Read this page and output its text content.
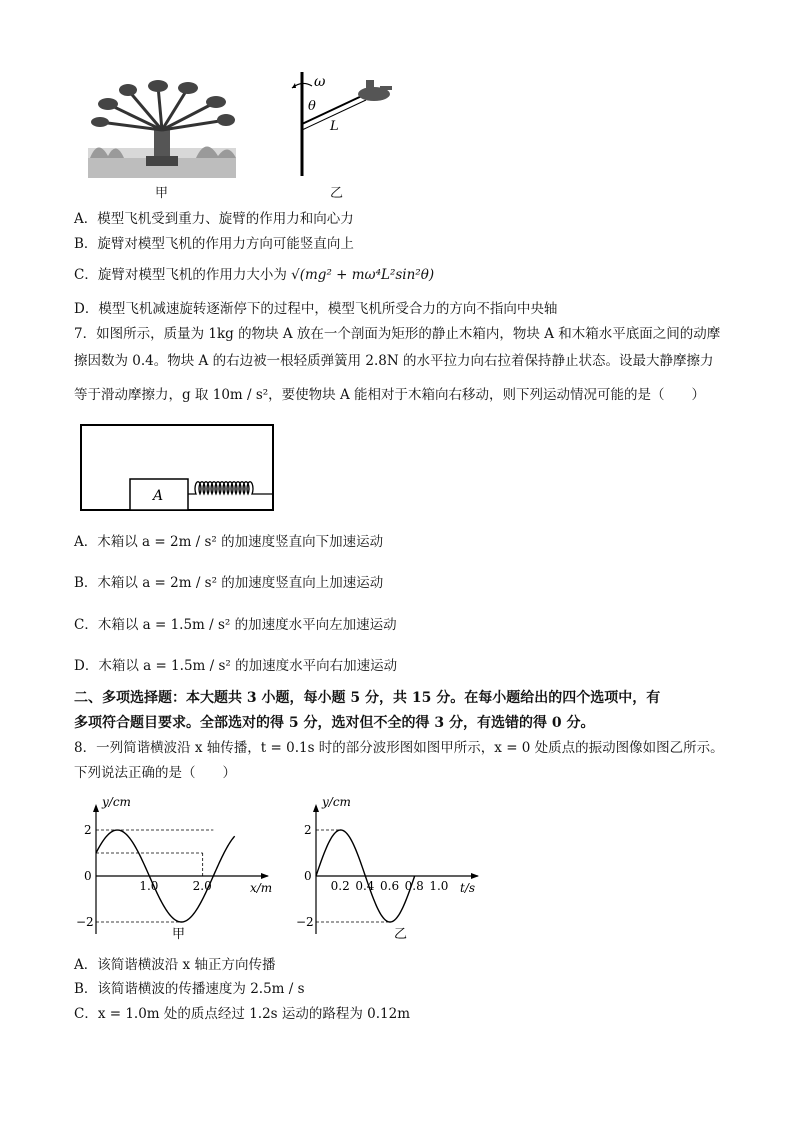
甲
ω
θ
L
乙
A．模型飞机受到重力、旋臂的作用力和向心力
B．旋臂对模型飞机的作用力方向可能竖直向上
C．旋臂对模型飞机的作用力大小为 √(mg² + mω⁴L²sin²θ)
D．模型飞机减速旋转逐渐停下的过程中，模型飞机所受合力的方向不指向中央轴
7．如图所示，质量为 1kg 的物块 A 放在一个剖面为矩形的静止木箱内，物块 A 和木箱水平底面之间的动摩
擦因数为 0.4。物块 A 的右边被一根轻质弹簧用 2.8N 的水平拉力向右拉着保持静止状态。设最大静摩擦力
等于滑动摩擦力，g 取 10m / s²，要使物块 A 能相对于木箱向右移动，则下列运动情况可能的是（　　）
A
A．木箱以 a = 2m / s² 的加速度竖直向下加速运动
B．木箱以 a = 2m / s² 的加速度竖直向上加速运动
C．木箱以 a = 1.5m / s² 的加速度水平向左加速运动
D．木箱以 a = 1.5m / s² 的加速度水平向右加速运动
二、多项选择题：本大题共 3 小题，每小题 5 分，共 15 分。在每小题给出的四个选项中，有
多项符合题目要求。全部选对的得 5 分，选对但不全的得 3 分，有选错的得 0 分。
8．一列简谐横波沿 x 轴传播，t = 0.1s 时的部分波形图如图甲所示，x = 0 处质点的振动图像如图乙所示。
下列说法正确的是（　　）
y/cm
x/m
2
0
−2
1.0	2.0
甲
y/cm
t/s
2
0
−2
0.2 0.4 0.6 0.8 1.0
乙
A．该简谐横波沿 x 轴正方向传播
B．该简谐横波的传播速度为 2.5m / s
C．x = 1.0m 处的质点经过 1.2s 运动的路程为 0.12m
